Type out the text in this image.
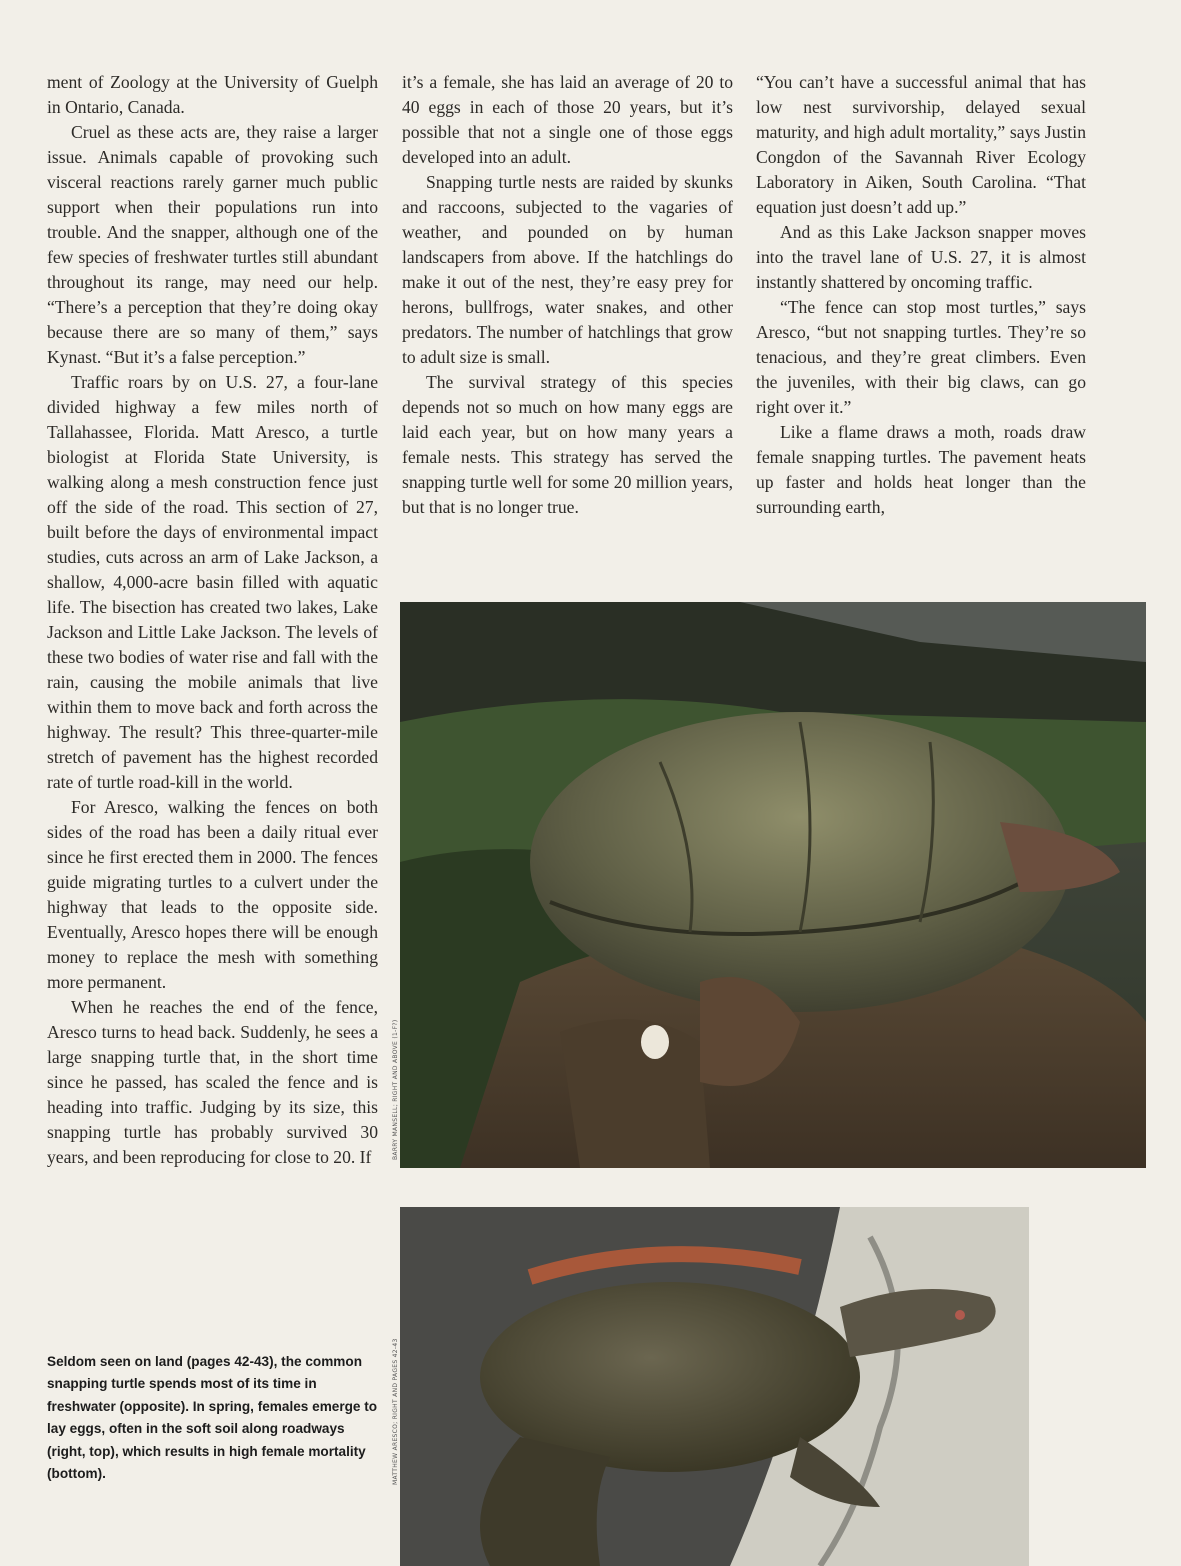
ment of Zoology at the University of Guelph in Ontario, Canada.

Cruel as these acts are, they raise a larger issue. Animals capable of provoking such visceral reactions rarely garner much public support when their populations run into trouble. And the snapper, although one of the few species of freshwater turtles still abundant throughout its range, may need our help. “There’s a perception that they’re doing okay because there are so many of them,” says Kynast. “But it’s a false perception.”

Traffic roars by on U.S. 27, a four-lane divided highway a few miles north of Tallahassee, Florida. Matt Aresco, a turtle biologist at Florida State University, is walking along a mesh construction fence just off the side of the road. This section of 27, built before the days of environmental impact studies, cuts across an arm of Lake Jackson, a shallow, 4,000-acre basin filled with aquatic life. The bisection has created two lakes, Lake Jackson and Little Lake Jackson. The levels of these two bodies of water rise and fall with the rain, causing the mobile animals that live within them to move back and forth across the highway. The result? This three-quarter-mile stretch of pavement has the highest recorded rate of turtle road-kill in the world.

For Aresco, walking the fences on both sides of the road has been a daily ritual ever since he first erected them in 2000. The fences guide migrating turtles to a culvert under the highway that leads to the opposite side. Eventually, Aresco hopes there will be enough money to replace the mesh with something more permanent.

When he reaches the end of the fence, Aresco turns to head back. Suddenly, he sees a large snapping turtle that, in the short time since he passed, has scaled the fence and is heading into traffic. Judging by its size, this snapping turtle has probably survived 30 years, and been reproducing for close to 20. If

it’s a female, she has laid an average of 20 to 40 eggs in each of those 20 years, but it’s possible that not a single one of those eggs developed into an adult.

Snapping turtle nests are raided by skunks and raccoons, subjected to the vagaries of weather, and pounded on by human landscapers from above. If the hatchlings do make it out of the nest, they’re easy prey for herons, bullfrogs, water snakes, and other predators. The number of hatchlings that grow to adult size is small.

The survival strategy of this species depends not so much on how many eggs are laid each year, but on how many years a female nests. This strategy has served the snapping turtle well for some 20 million years, but that is no longer true.

“You can’t have a successful animal that has low nest survivorship, delayed sexual maturity, and high adult mortality,” says Justin Congdon of the Savannah River Ecology Laboratory in Aiken, South Carolina. “That equation just doesn’t add up.”

And as this Lake Jackson snapper moves into the travel lane of U.S. 27, it is almost instantly shattered by oncoming traffic.

“The fence can stop most turtles,” says Aresco, “but not snapping turtles. They’re so tenacious, and they’re great climbers. Even the juveniles, with their big claws, can go right over it.”

Like a flame draws a moth, roads draw female snapping turtles. The pavement heats up faster and holds heat longer than the surrounding earth,

BARRY MANSELL; RIGHT AND ABOVE (1-F?)
MATTHEW ARESCO; RIGHT AND PAGES 42-43
Seldom seen on land (pages 42-43), the common snapping turtle spends most of its time in freshwater (opposite). In spring, females emerge to lay eggs, often in the soft soil along roadways (right, top), which results in high female mortality (bottom).
